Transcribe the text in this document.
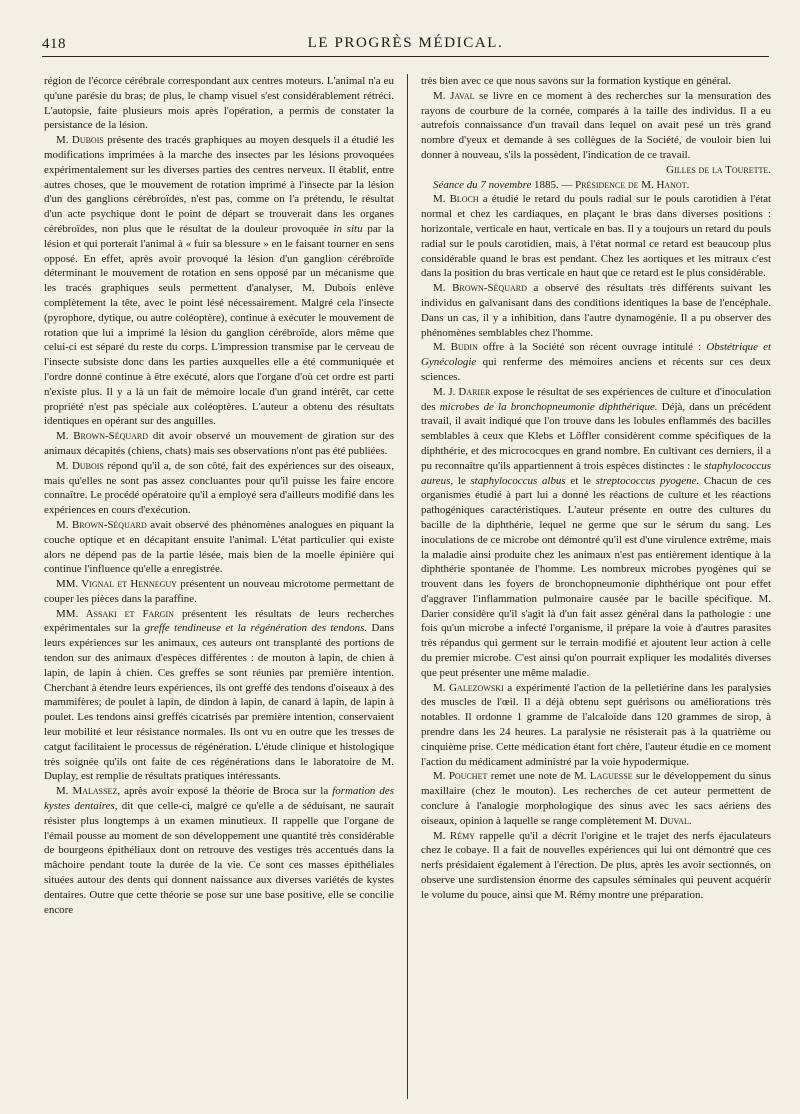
418	LE PROGRÈS MÉDICAL.

région de l'écorce cérébrale correspondant aux centres moteurs. L'animal n'a eu qu'une parésie du bras; de plus, le champ visuel s'est considérablement rétréci. L'autopsie, faite plusieurs mois après l'opération, a permis de constater la persistance de la lésion.

M. Dubois présente des tracés graphiques au moyen desquels il a étudié les modifications imprimées à la marche des insectes par les lésions provoquées expérimentalement sur les diverses parties des centres nerveux. Il établit, entre autres choses, que le mouvement de rotation imprimé à l'insecte par la lésion d'un des ganglions cérébroïdes, n'est pas, comme on l'a prétendu, le résultat d'un acte psychique dont le point de départ se trouverait dans les organes cérébroïdes, non plus que le résultat de la douleur provoquée in situ par la lésion et qui porterait l'animal à « fuir sa blessure » en le faisant tourner en sens opposé. En effet, après avoir provoqué la lésion d'un ganglion cérébroïde déterminant le mouvement de rotation en sens opposé par un mécanisme que les tracés graphiques seuls permettent d'analyser, M. Dubois enlève complètement la tête, avec le point lésé nécessairement. Malgré cela l'insecte (pyrophore, dytique, ou autre coléoptère), continue à exécuter le mouvement de rotation que lui a imprimé la lésion du ganglion cérébroïde, alors même que celui-ci est séparé du reste du corps. L'impression transmise par le cerveau de l'insecte subsiste donc dans les parties auxquelles elle a été communiquée et l'ordre donné continue à être exécuté, alors que l'organe d'où cet ordre est parti n'existe plus. Il y a là un fait de mémoire locale d'un grand intérêt, car cette propriété n'est pas spéciale aux coléoptères. L'auteur a obtenu des résultats identiques en opérant sur des anguilles.

M. Brown-Séquard dit avoir observé un mouvement de giration sur des animaux décapités (chiens, chats) mais ses observations n'ont pas été publiées.

M. Dubois répond qu'il a, de son côté, fait des expériences sur des oiseaux, mais qu'elles ne sont pas assez concluantes pour qu'il puisse les faire encore connaître. Le procédé opératoire qu'il a employé sera d'ailleurs modifié dans les expériences en cours d'exécution.

M. Brown-Séquard avait observé des phénomènes analogues en piquant la couche optique et en décapitant ensuite l'animal. L'état particulier qui existe alors ne dépend pas de la partie lésée, mais bien de la moelle épinière qui continue l'influence qu'elle a enregistrée.

MM. Vignal et Henneguy présentent un nouveau microtome permettant de couper les pièces dans la paraffine.

MM. Assaki et Fargin présentent les résultats de leurs recherches expérimentales sur la greffe tendineuse et la régénération des tendons. Dans leurs expériences sur les animaux, ces auteurs ont transplanté des portions de tendon sur des animaux d'espèces différentes : de mouton à lapin, de chien à lapin, de lapin à chien. Ces greffes se sont réunies par première intention. Cherchant à étendre leurs expériences, ils ont greffé des tendons d'oiseaux à des mammifères; de poulet à lapin, de dindon à lapin, de canard à lapin, de lapin à poulet. Les tendons ainsi greffés cicatrisés par première intention, conservaient leur mobilité et leur résistance normales. Ils ont vu en outre que les tresses de catgut facilitaient le processus de régénération. L'étude clinique et histologique très soignée qu'ils ont faite de ces régénérations dans le laboratoire de M. Duplay, est remplie de résultats pratiques intéressants.

M. Malassez, après avoir exposé la théorie de Broca sur la formation des kystes dentaires, dit que celle-ci, malgré ce qu'elle a de séduisant, ne saurait résister plus longtemps à un examen minutieux. Il rappelle que l'organe de l'émail pousse au moment de son développement une quantité très considérable de bourgeons épithéliaux dont on retrouve des vestiges très accentués dans la mâchoire pendant toute la durée de la vie. Ce sont ces masses épithéliales situées autour des dents qui donnent naissance aux diverses variétés de kystes dentaires. Outre que cette théorie se pose sur une base positive, elle se concilie encore

très bien avec ce que nous savons sur la formation kystique en général.

M. Javal se livre en ce moment à des recherches sur la mensuration des rayons de courbure de la cornée, comparés à la taille des individus. Il a eu autrefois connaissance d'un travail dans lequel on avait pesé un très grand nombre d'yeux et demande à ses collègues de la Société, de vouloir bien lui donner à nouveau, s'ils la possèdent, l'indication de ce travail.
Gilles de la Tourette.

Séance du 7 novembre 1885. — Présidence de M. Hanot.

M. Bloch a étudié le retard du pouls radial sur le pouls carotidien à l'état normal et chez les cardiaques, en plaçant le bras dans diverses positions : horizontale, verticale en haut, verticale en bas. Il y a toujours un retard du pouls radial sur le pouls carotidien, mais, à l'état normal ce retard est beaucoup plus considérable quand le bras est pendant. Chez les aortiques et les mitraux c'est dans la position du bras verticale en haut que ce retard est le plus considérable.

M. Brown-Séquard a observé des résultats très différents suivant les individus en galvanisant dans des conditions identiques la base de l'encéphale. Dans un cas, il y a inhibition, dans l'autre dynamogénie. Il a pu observer des phénomènes semblables chez l'homme.

M. Budin offre à la Société son récent ouvrage intitulé : Obstétrique et Gynécologie qui renferme des mémoires anciens et récents sur ces deux sciences.

M. J. Darier expose le résultat de ses expériences de culture et d'inoculation des microbes de la bronchopneumonie diphthérique. Déjà, dans un précédent travail, il avait indiqué que l'on trouve dans les lobules enflammés des bacilles semblables à ceux que Klebs et Löffler considèrent comme spécifiques de la diphthérie, et des micrococques en grand nombre. En cultivant ces derniers, il a pu reconnaître qu'ils appartiennent à trois espèces distinctes : le staphylococcus aureus, le staphylococcus albus et le streptococcus pyogene. Chacun de ces organismes étudié à part lui a donné les réactions de culture et les réactions pathogéniques caractéristiques. L'auteur présente en outre des cultures du bacille de la diphthérie, lequel ne germe que sur le sérum du sang. Les inoculations de ce microbe ont démontré qu'il est d'une virulence extrême, mais la maladie ainsi produite chez les animaux n'est pas entièrement identique à la diphthérie spontanée de l'homme. Les nombreux microbes pyogènes qui se trouvent dans les foyers de bronchopneumonie diphthérique ont pour effet d'aggraver l'inflammation pulmonaire causée par le bacille spécifique. M. Darier considère qu'il s'agit là d'un fait assez général dans la pathologie : une fois qu'un microbe a infecté l'organisme, il prépare la voie à d'autres parasites très répandus qui germent sur le terrain modifié et ajoutent leur action à celle du premier microbe. C'est ainsi qu'on pourrait expliquer les modalités diverses que peut présenter une même maladie.

M. Galezowski a expérimenté l'action de la pelletiérine dans les paralysies des muscles de l'œil. Il a déjà obtenu sept guérisons ou améliorations très notables. Il ordonne 1 gramme de l'alcaloïde dans 120 grammes de sirop, à prendre dans les 24 heures. La paralysie ne résisterait pas à la quatrième ou cinquième prise. Cette médication étant fort chère, l'auteur étudie en ce moment l'action du médicament administré par la voie hypodermique.

M. Pouchet remet une note de M. Laguesse sur le développement du sinus maxillaire (chez le mouton). Les recherches de cet auteur permettent de conclure à l'analogie morphologique des sinus avec les sacs aériens des oiseaux, opinion à laquelle se range complètement M. Duval.

M. Rémy rappelle qu'il a décrit l'origine et le trajet des nerfs éjaculateurs chez le cobaye. Il a fait de nouvelles expériences qui lui ont démontré que ces nerfs présidaient également à l'érection. De plus, après les avoir sectionnés, on observe une surdistension énorme des capsules séminales qui peuvent acquérir le volume du pouce, ainsi que M. Rémy montre une préparation.
